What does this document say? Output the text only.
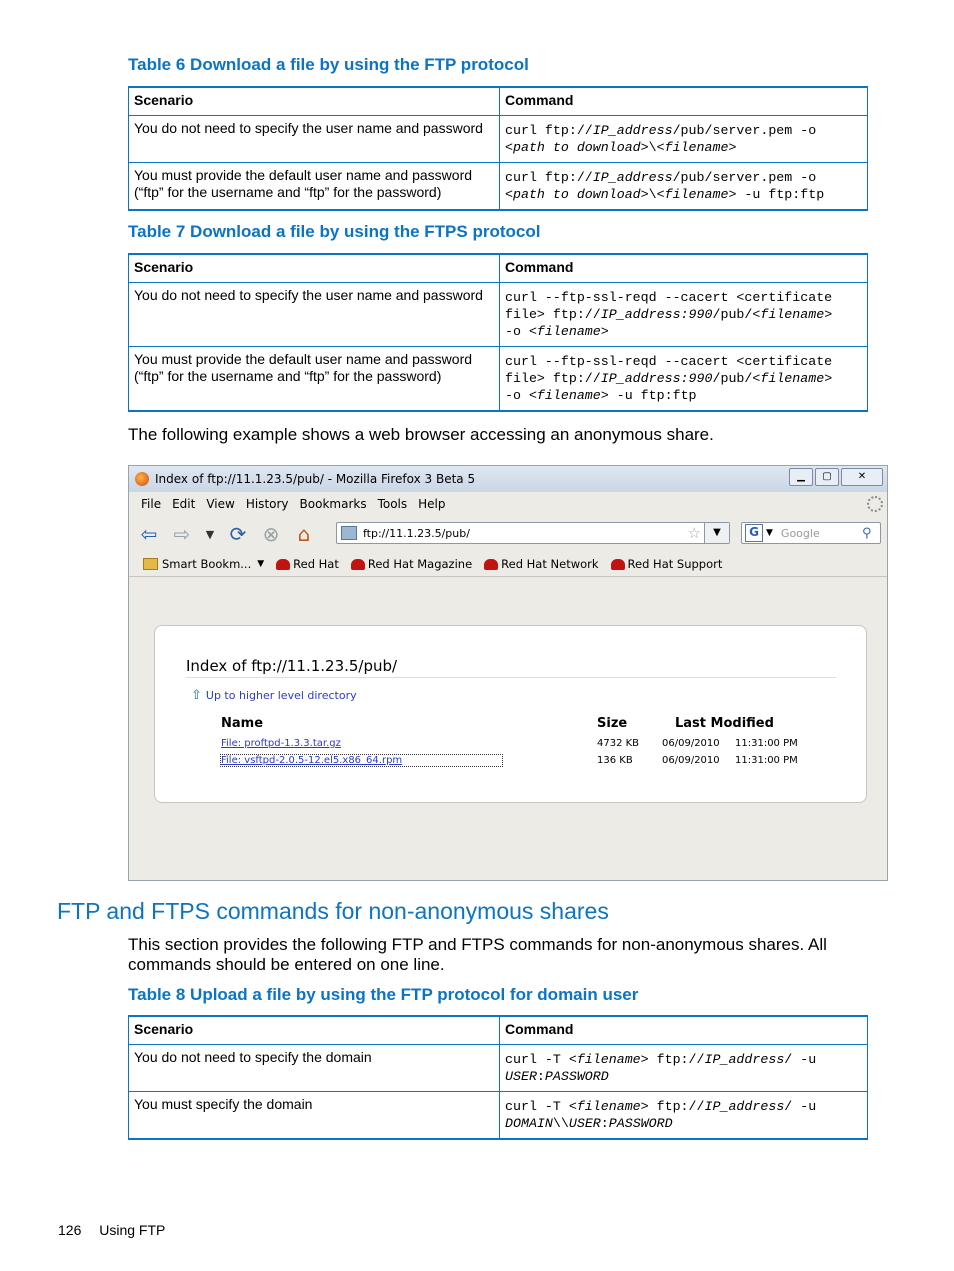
Table 6 Download a file by using the FTP protocol
Scenario	Command
You do not need to specify the user name and password	curl ftp://IP_address/pub/server.pem -o
<path to download>\<filename>
You must provide the default user name and password (“ftp” for the username and “ftp” for the password)	curl ftp://IP_address/pub/server.pem -o
<path to download>\<filename> -u ftp:ftp
Table 7 Download a file by using the FTPS protocol
Scenario	Command
You do not need to specify the user name and password	curl --ftp-ssl-reqd --cacert <certificate
file> ftp://IP_address:990/pub/<filename>
-o <filename>
You must provide the default user name and password (“ftp” for the username and “ftp” for the password)	curl --ftp-ssl-reqd --cacert <certificate
file> ftp://IP_address:990/pub/<filename>
-o <filename> -u ftp:ftp
The following example shows a web browser accessing an anonymous share.
Index of ftp://11.1.23.5/pub/ - Mozilla Firefox 3 Beta 5	▁	▢	✕
File Edit View History Bookmarks Tools Help
⇦ ⇨	▼ ⟳ ⊗ ⌂	ftp://11.1.23.5/pub/	☆	▼	G ▼ Google	⚲
Smart Bookm... ▼	Red Hat	Red Hat Magazine	Red Hat Network	Red Hat Support
Index of ftp://11.1.23.5/pub/
⇧ Up to higher level directory
Name	Size	Last Modified
File: proftpd-1.3.3.tar.gz	4732 KB 06/09/2010 11:31:00 PM
File: vsftpd-2.0.5-12.el5.x86_64.rpm	136 KB	06/09/2010 11:31:00 PM
FTP and FTPS commands for non-anonymous shares
This section provides the following FTP and FTPS commands for non-anonymous shares. All commands should be entered on one line.
Table 8 Upload a file by using the FTP protocol for domain user
Scenario	Command
You do not need to specify the domain	curl -T <filename> ftp://IP_address/ -u
USER:PASSWORD
You must specify the domain	curl -T <filename> ftp://IP_address/ -u
DOMAIN\\USER:PASSWORD
126 Using FTP
